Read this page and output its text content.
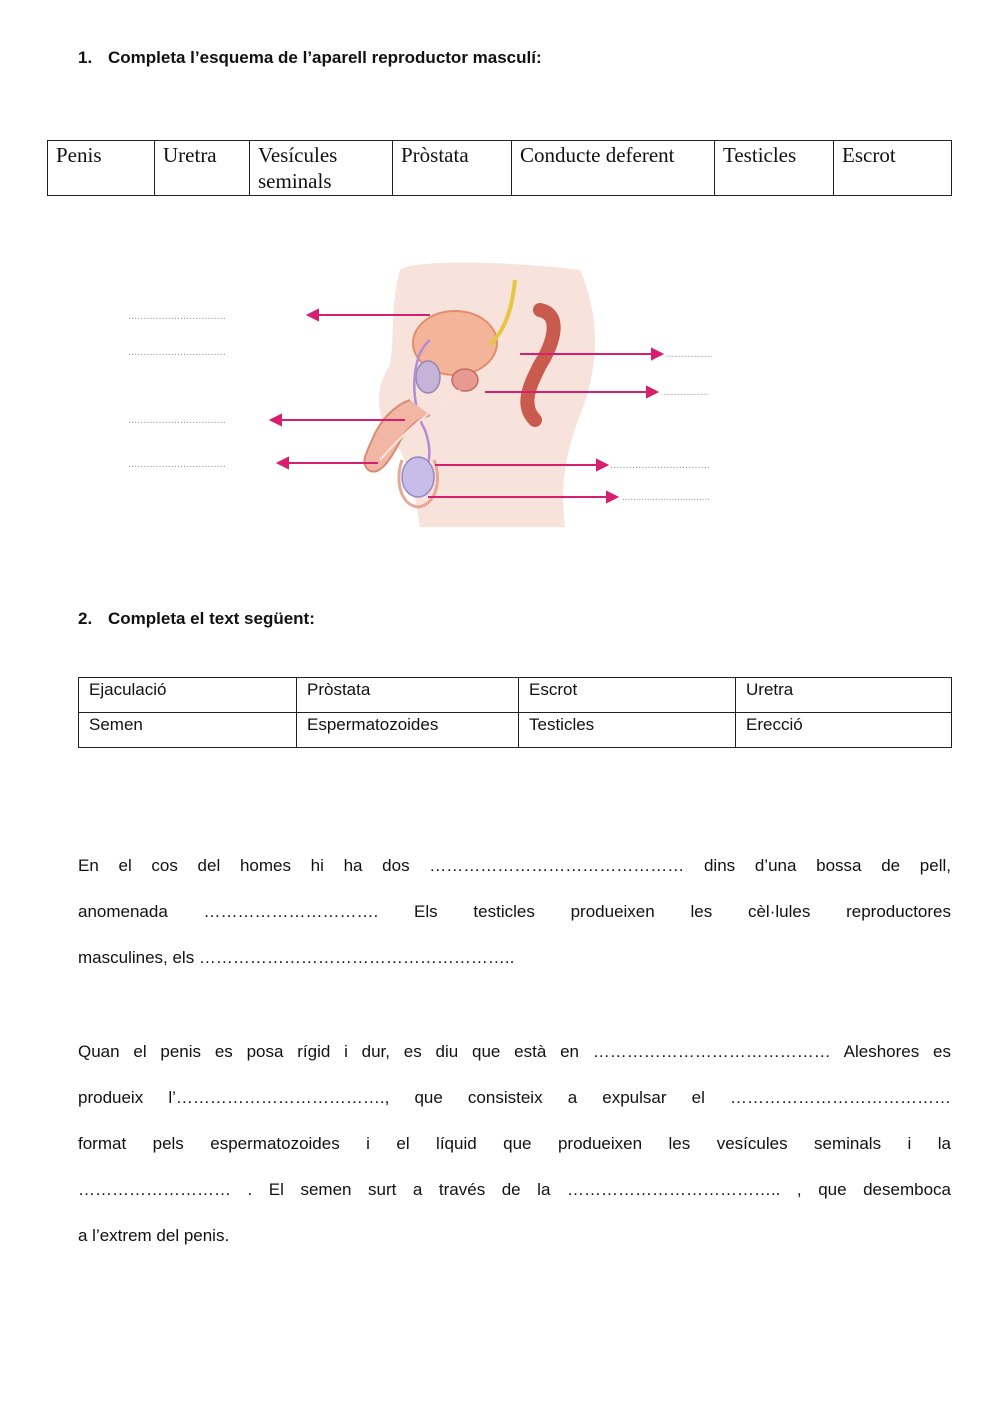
1. Completa l’esquema de l’aparell reproductor masculí:
Penis	Uretra	Vesícules seminals	Pròstata	Conducte deferent	Testicles	Escrot
................................
................................
................................
................................
................................
................................
................................
................................
2. Completa el text següent:
Ejaculació	Pròstata	Escrot	Uretra
Semen	Espermatozoides	Testicles	Erecció
En el cos del homes hi ha dos ……………………………………… dins d’una bossa de pell,
anomenada …………………………. Els testicles produeixen les cèl·lules reproductores
masculines, els ………………………………………………..
Quan el penis es posa rígid i dur, es diu que està en …………………………………… Aleshores es
produeix l’………………………………., que consisteix a expulsar el …………………………………
format pels espermatozoides i el líquid que produeixen les vesícules seminals i la
……………………… . El semen surt a través de la ……………………………….. , que desemboca
a l’extrem del penis.
